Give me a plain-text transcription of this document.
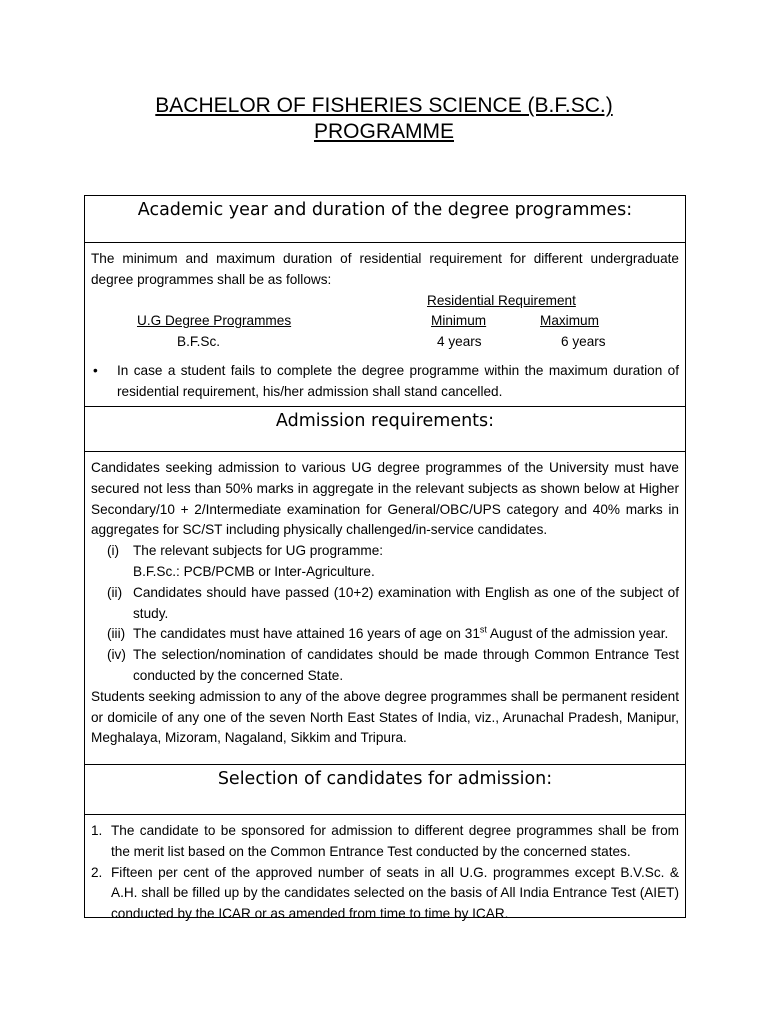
BACHELOR OF FISHERIES SCIENCE (B.F.SC.)
PROGRAMME
Academic year and duration of the degree programmes:
The minimum and maximum duration of residential requirement for different undergraduate degree programmes shall be as follows:
Residential Requirement
U.G Degree Programmes	Minimum	Maximum
B.F.Sc.	4 years	6 years
•	In case a student fails to complete the degree programme within the maximum duration of residential requirement, his/her admission shall stand cancelled.
Admission requirements:
Candidates seeking admission to various UG degree programmes of the University must have secured not less than 50% marks in aggregate in the relevant subjects as shown below at Higher Secondary/10 + 2/Intermediate examination for General/OBC/UPS category and 40% marks in aggregates for SC/ST including physically challenged/in-service candidates.
(i)	The relevant subjects for UG programme:
B.F.Sc.: PCB/PCMB or Inter-Agriculture.
(ii) Candidates should have passed (10+2) examination with English as one of the subject of study.
(iii) The candidates must have attained 16 years of age on 31st August of the admission year.
(iv) The selection/nomination of candidates should be made through Common Entrance Test conducted by the concerned State.
Students seeking admission to any of the above degree programmes shall be permanent resident or domicile of any one of the seven North East States of India, viz., Arunachal Pradesh, Manipur, Meghalaya, Mizoram, Nagaland, Sikkim and Tripura.
Selection of candidates for admission:
1. The candidate to be sponsored for admission to different degree programmes shall be from the merit list based on the Common Entrance Test conducted by the concerned states.
2. Fifteen per cent of the approved number of seats in all U.G. programmes except B.V.Sc. & A.H. shall be filled up by the candidates selected on the basis of All India Entrance Test (AIET) conducted by the ICAR or as amended from time to time by ICAR.
